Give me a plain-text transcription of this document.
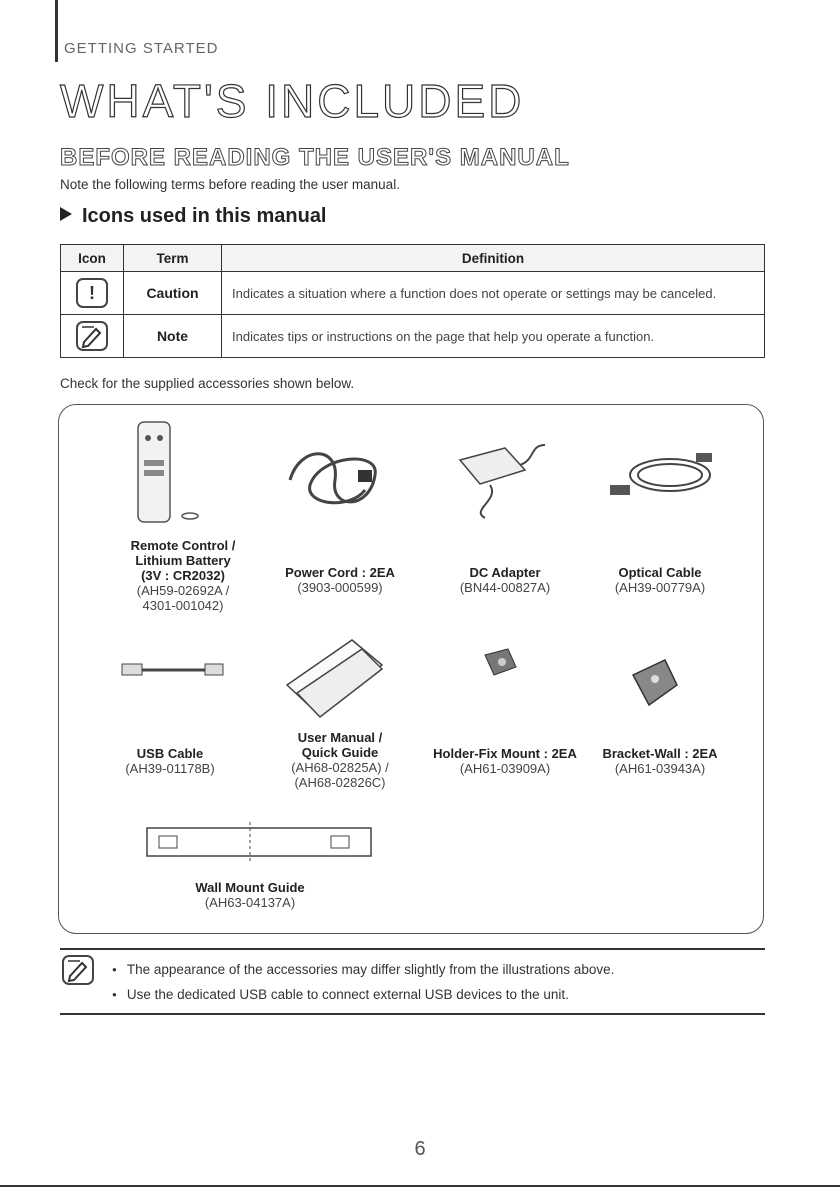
GETTING STARTED
WHAT'S INCLUDED
BEFORE READING THE USER'S MANUAL
Note the following terms before reading the user manual.
Icons used in this manual
Icon	Term	Definition
!	Caution	Indicates a situation where a function does not operate or settings may be canceled.
	Note	Indicates tips or instructions on the page that help you operate a function.
Check for the supplied accessories shown below.
Remote Control / Lithium Battery (3V : CR2032)
(AH59-02692A / 4301-001042)
Power Cord : 2EA
(3903-000599)
DC Adapter
(BN44-00827A)
Optical Cable
(AH39-00779A)
USB Cable
(AH39-01178B)
User Manual / Quick Guide
(AH68-02825A) / (AH68-02826C)
Holder-Fix Mount : 2EA
(AH61-03909A)
Bracket-Wall : 2EA
(AH61-03943A)
Wall Mount Guide
(AH63-04137A)
● The appearance of the accessories may differ slightly from the illustrations above.
● Use the dedicated USB cable to connect external USB devices to the unit.
6
